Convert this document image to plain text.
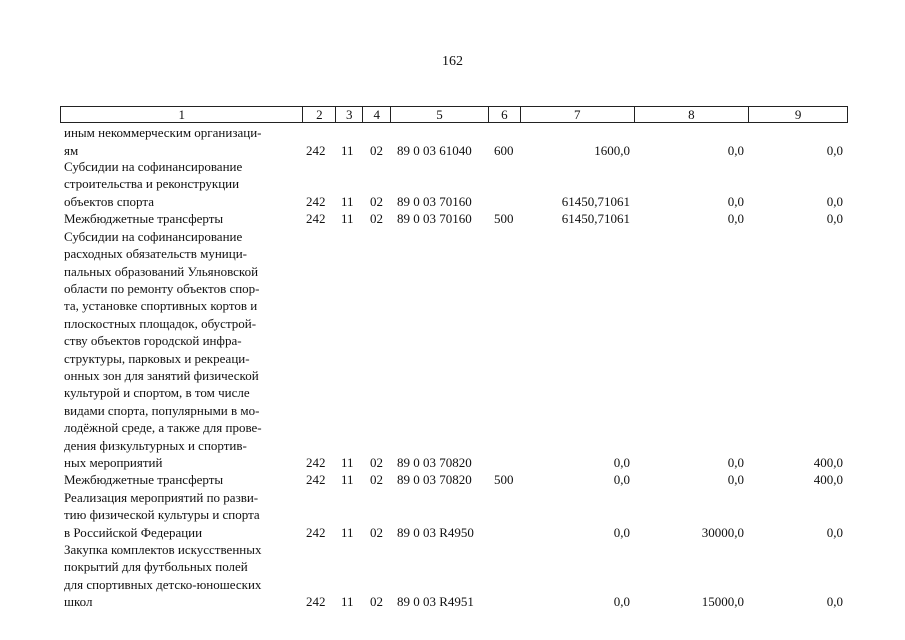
162
1	2	3	4	5	6	7	8	9
иным некоммерческим организаци-
ям	242 11 02 89 0 03 61040 600	1600,0	0,0	0,0
Субсидии на софинансирование
строительства и реконструкции
объектов спорта	242 11 02 89 0 03 70160	61450,71061	0,0	0,0
Межбюджетные трансферты	242 11 02 89 0 03 70160 500	61450,71061	0,0	0,0
Субсидии на софинансирование
расходных обязательств муници-
пальных образований Ульяновской
области по ремонту объектов спор-
та, установке спортивных кортов и
плоскостных площадок, обустрой-
ству объектов городской инфра-
структуры, парковых и рекреаци-
онных зон для занятий физической
культурой и спортом, в том числе
видами спорта, популярными в мо-
лодёжной среде, а также для прове-
дения физкультурных и спортив-
ных мероприятий	242 11 02 89 0 03 70820	0,0	0,0	400,0
Межбюджетные трансферты	242 11 02 89 0 03 70820 500	0,0	0,0	400,0
Реализация мероприятий по разви-
тию физической культуры и спорта
в Российской Федерации	242 11 02 89 0 03 R4950	0,0	30000,0	0,0
Закупка комплектов искусственных
покрытий для футбольных полей
для спортивных детско-юношеских
школ	242 11 02 89 0 03 R4951	0,0	15000,0	0,0
